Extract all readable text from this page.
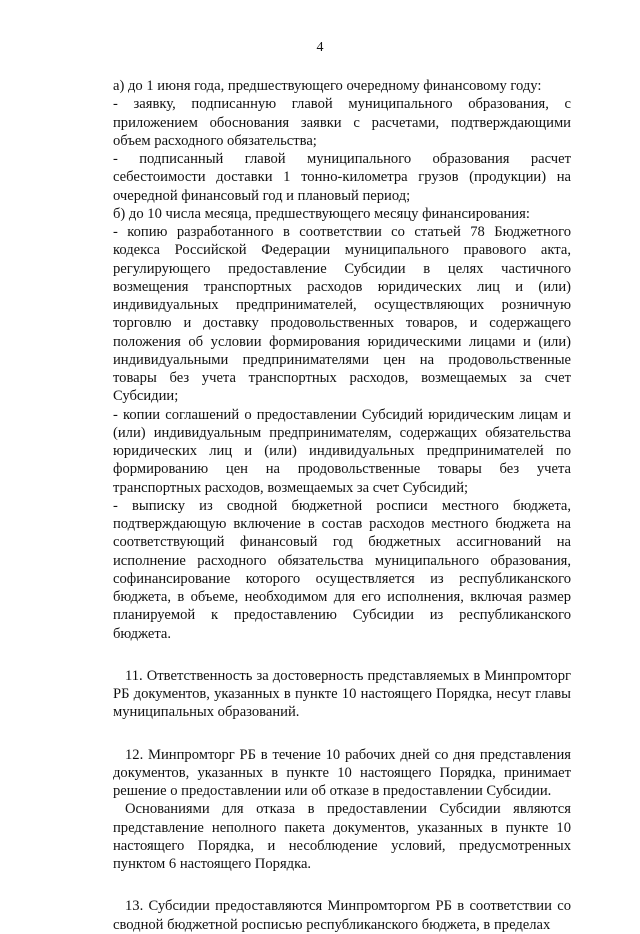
4

а) до 1 июня года, предшествующего очередному финансовому году:

- заявку, подписанную главой муниципального образования, с приложением обоснования заявки с расчетами, подтверждающими объем расходного обязательства;

- подписанный главой муниципального образования расчет себестоимости доставки 1 тонно-километра грузов (продукции) на очередной финансовый год и плановый период;

б) до 10 числа месяца, предшествующего месяцу финансирования:

- копию разработанного в соответствии со статьей 78 Бюджетного кодекса Российской Федерации муниципального правового акта, регулирующего предоставление Субсидии в целях частичного возмещения транспортных расходов юридических лиц и (или) индивидуальных предпринимателей, осуществляющих розничную торговлю и доставку продовольственных товаров, и содержащего положения об условии формирования юридическими лицами и (или) индивидуальными предпринимателями цен на продовольственные товары без учета транспортных расходов, возмещаемых за счет Субсидии;

- копии соглашений о предоставлении Субсидий юридическим лицам и (или) индивидуальным предпринимателям, содержащих обязательства юридических лиц и (или) индивидуальных предпринимателей по формированию цен на продовольственные товары без учета транспортных расходов, возмещаемых за счет Субсидий;

- выписку из сводной бюджетной росписи местного бюджета, подтверждающую включение в состав расходов местного бюджета на соответствующий финансовый год бюджетных ассигнований на исполнение расходного обязательства муниципального образования, софинансирование которого осуществляется из республиканского бюджета, в объеме, необходимом для его исполнения, включая размер планируемой к предоставлению Субсидии из республиканского бюджета.

11. Ответственность за достоверность представляемых в Минпромторг РБ документов, указанных в пункте 10 настоящего Порядка, несут главы муниципальных образований.

12. Минпромторг РБ в течение 10 рабочих дней со дня представления документов, указанных в пункте 10 настоящего Порядка, принимает решение о предоставлении или об отказе в предоставлении Субсидии.

Основаниями для отказа в предоставлении Субсидии являются представление неполного пакета документов, указанных в пункте 10 настоящего Порядка, и несоблюдение условий, предусмотренных пунктом 6 настоящего Порядка.

13. Субсидии предоставляются Минпромторгом РБ в соответствии со сводной бюджетной росписью республиканского бюджета, в пределах
